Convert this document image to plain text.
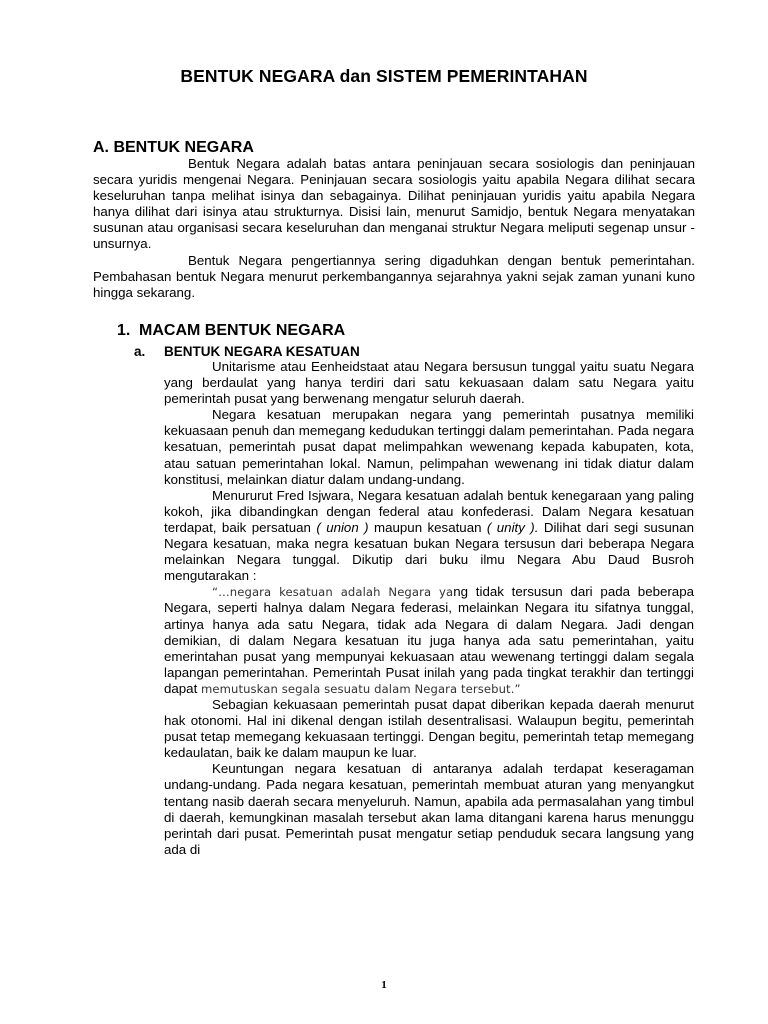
BENTUK NEGARA dan SISTEM PEMERINTAHAN
A. BENTUK NEGARA

Bentuk Negara adalah batas antara peninjauan secara sosiologis dan peninjauan secara yuridis mengenai Negara. Peninjauan secara sosiologis yaitu apabila Negara dilihat secara keseluruhan tanpa melihat isinya dan sebagainya. Dilihat peninjauan yuridis yaitu apabila Negara hanya dilihat dari isinya atau strukturnya. Disisi lain, menurut Samidjo, bentuk Negara menyatakan susunan atau organisasi secara keseluruhan dan menganai struktur Negara meliputi segenap unsur - unsurnya.

Bentuk Negara pengertiannya sering digaduhkan dengan bentuk pemerintahan. Pembahasan bentuk Negara menurut perkembangannya sejarahnya yakni sejak zaman yunani kuno hingga sekarang.

1. MACAM BENTUK NEGARA
a. BENTUK NEGARA KESATUAN

Unitarisme atau Eenheidstaat atau Negara bersusun tunggal yaitu suatu Negara yang berdaulat yang hanya terdiri dari satu kekuasaan dalam satu Negara yaitu pemerintah pusat yang berwenang mengatur seluruh daerah.

Negara kesatuan merupakan negara yang pemerintah pusatnya memiliki kekuasaan penuh dan memegang kedudukan tertinggi dalam pemerintahan. Pada negara kesatuan, pemerintah pusat dapat melimpahkan wewenang kepada kabupaten, kota, atau satuan pemerintahan lokal. Namun, pelimpahan wewenang ini tidak diatur dalam konstitusi, melainkan diatur dalam undang-undang.

Menururut Fred Isjwara, Negara kesatuan adalah bentuk kenegaraan yang paling kokoh, jika dibandingkan dengan federal atau konfederasi. Dalam Negara kesatuan terdapat, baik persatuan ( union ) maupun kesatuan ( unity ). Dilihat dari segi susunan Negara kesatuan, maka negra kesatuan bukan Negara tersusun dari beberapa Negara melainkan Negara tunggal. Dikutip dari buku ilmu Negara Abu Daud Busroh mengutarakan :

“…negara kesatuan adalah Negara yang tidak tersusun dari pada beberapa Negara, seperti halnya dalam Negara federasi, melainkan Negara itu sifatnya tunggal, artinya hanya ada satu Negara, tidak ada Negara di dalam Negara. Jadi dengan demikian, di dalam Negara kesatuan itu juga hanya ada satu pemerintahan, yaitu emerintahan pusat yang mempunyai kekuasaan atau wewenang tertinggi dalam segala lapangan pemerintahan. Pemerintah Pusat inilah yang pada tingkat terakhir dan tertinggi dapat memutuskan segala sesuatu dalam Negara tersebut.”

Sebagian kekuasaan pemerintah pusat dapat diberikan kepada daerah menurut hak otonomi. Hal ini dikenal dengan istilah desentralisasi. Walaupun begitu, pemerintah pusat tetap memegang kekuasaan tertinggi. Dengan begitu, pemerintah tetap memegang kedaulatan, baik ke dalam maupun ke luar.

Keuntungan negara kesatuan di antaranya adalah terdapat keseragaman undang-undang. Pada negara kesatuan, pemerintah membuat aturan yang menyangkut tentang nasib daerah secara menyeluruh. Namun, apabila ada permasalahan yang timbul di daerah, kemungkinan masalah tersebut akan lama ditangani karena harus menunggu perintah dari pusat. Pemerintah pusat mengatur setiap penduduk secara langsung yang ada di

1
